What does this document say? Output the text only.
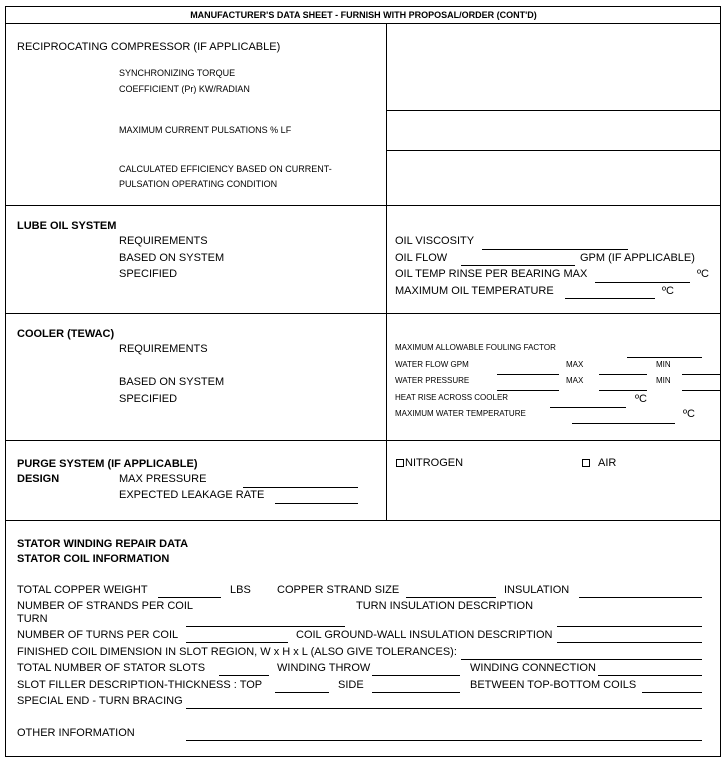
MANUFACTURER'S DATA SHEET - FURNISH WITH PROPOSAL/ORDER (CONT'D)
RECIPROCATING COMPRESSOR (IF APPLICABLE)
SYNCHRONIZING TORQUE
COEFFICIENT (Pr) KW/RADIAN
MAXIMUM CURRENT PULSATIONS % LF
CALCULATED EFFICIENCY BASED ON CURRENT-
PULSATION OPERATING CONDITION
LUBE OIL SYSTEM
REQUIREMENTS
BASED ON SYSTEM
SPECIFIED
OIL VISCOSITY
OIL FLOW	GPM (IF APPLICABLE)
OIL TEMP RINSE PER BEARING MAX	ºC
MAXIMUM OIL TEMPERATURE	ºC
COOLER (TEWAC)
REQUIREMENTS
BASED ON SYSTEM
SPECIFIED
MAXIMUM ALLOWABLE FOULING FACTOR
WATER FLOW GPM	MAX	MIN
WATER PRESSURE	MAX	MIN
HEAT RISE ACROSS COOLER	ºC
MAXIMUM WATER TEMPERATURE	ºC
PURGE SYSTEM (IF APPLICABLE)
DESIGN	MAX PRESSURE
EXPECTED LEAKAGE RATE
NITROGEN	AIR
STATOR WINDING REPAIR DATA
STATOR COIL INFORMATION
TOTAL COPPER WEIGHT	LBS COPPER STRAND SIZE	INSULATION
NUMBER OF STRANDS PER COIL	TURN INSULATION DESCRIPTION
TURN
NUMBER OF TURNS PER COIL	COIL GROUND-WALL INSULATION DESCRIPTION
FINISHED COIL DIMENSION IN SLOT REGION, W x H x L (ALSO GIVE TOLERANCES):
TOTAL NUMBER OF STATOR SLOTS	WINDING THROW	WINDING CONNECTION
SLOT FILLER DESCRIPTION-THICKNESS : TOP	SIDE	BETWEEN TOP-BOTTOM COILS
SPECIAL END - TURN BRACING
OTHER INFORMATION
